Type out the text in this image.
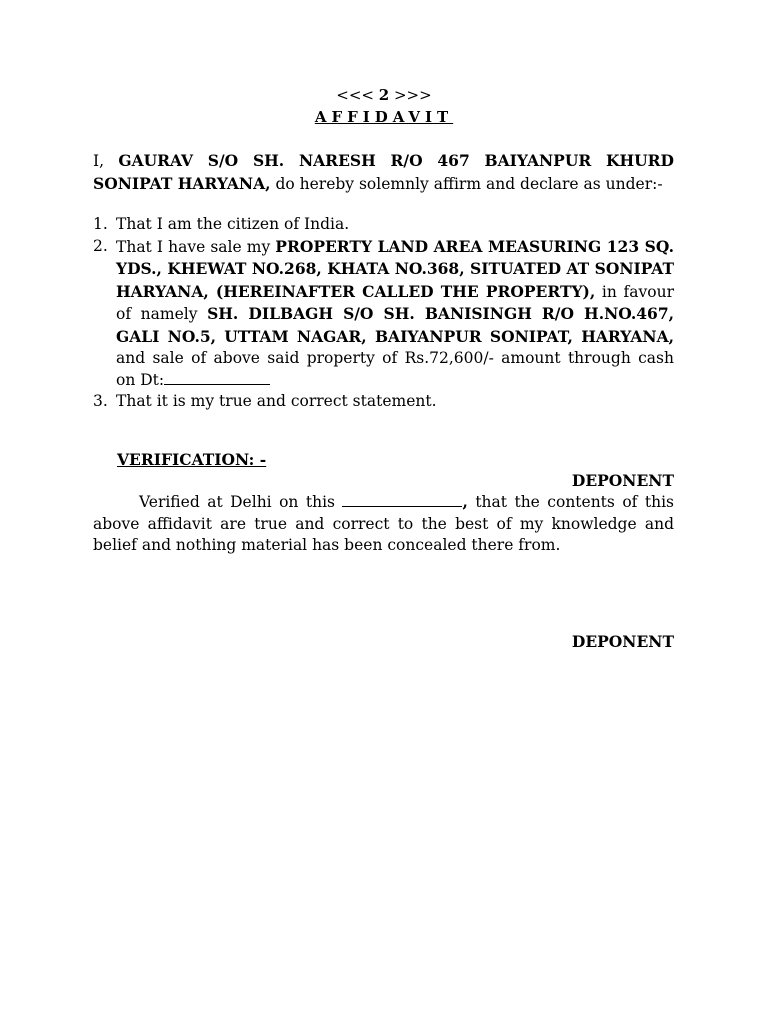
<<< 2 >>>
AFFIDAVIT

I, GAURAV S/O SH. NARESH R/O 467 BAIYANPUR KHURD SONIPAT HARYANA, do hereby solemnly affirm and declare as under:-

1. That I am the citizen of India.
2. That I have sale my PROPERTY LAND AREA MEASURING 123 SQ. YDS., KHEWAT NO.268, KHATA NO.368, SITUATED AT SONIPAT HARYANA, (HEREINAFTER CALLED THE PROPERTY), in favour of namely SH. DILBAGH S/O SH. BANISINGH R/O H.NO.467, GALI NO.5, UTTAM NAGAR, BAIYANPUR SONIPAT, HARYANA, and sale of above said property of Rs.72,600/- amount through cash on Dt:
3. That it is my true and correct statement.
VERIFICATION: -
DEPONENT

Verified at Delhi on this	, that the contents of this above affidavit are true and correct to the best of my knowledge and belief and nothing material has been concealed there from.

DEPONENT
